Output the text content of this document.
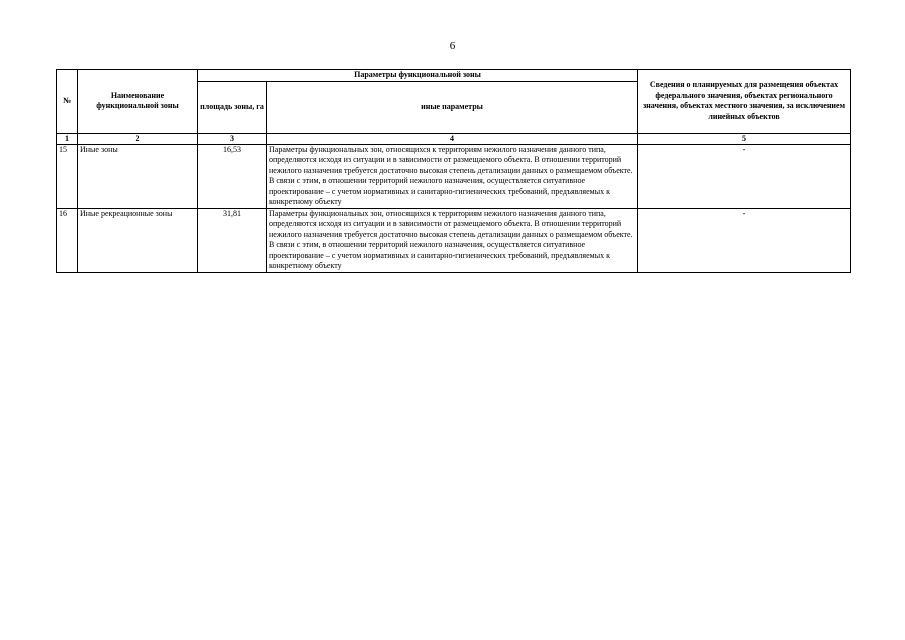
6
№	Наименование функциональной зоны	Параметры функциональной зоны		Сведения о планируемых для размещения объектах федерального значения, объектах регионального значения, объектах местного значения, за исключением линейных объектов
		площадь зоны, га	иные параметры	
1	2	3	4	5
15	Иные зоны	16,53	Параметры функциональных зон, относящихся к территориям нежилого назначения данного типа, определяются исходя из ситуации и в зависимости от размещаемого объекта. В отношении территорий нежилого назначения требуется достаточно высокая степень детализации данных о размещаемом объекте. В связи с этим, в отношении территорий нежилого назначения, осуществляется ситуативное проектирование – с учетом нормативных и санитарно-гигиенических требований, предъявляемых к конкретному объекту	-
16	Иные рекреационные зоны	31,81	Параметры функциональных зон, относящихся к территориям нежилого назначения данного типа, определяются исходя из ситуации и в зависимости от размещаемого объекта. В отношении территорий нежилого назначения требуется достаточно высокая степень детализации данных о размещаемом объекте. В связи с этим, в отношении территорий нежилого назначения, осуществляется ситуативное проектирование – с учетом нормативных и санитарно-гигиенических требований, предъявляемых к конкретному объекту	-
